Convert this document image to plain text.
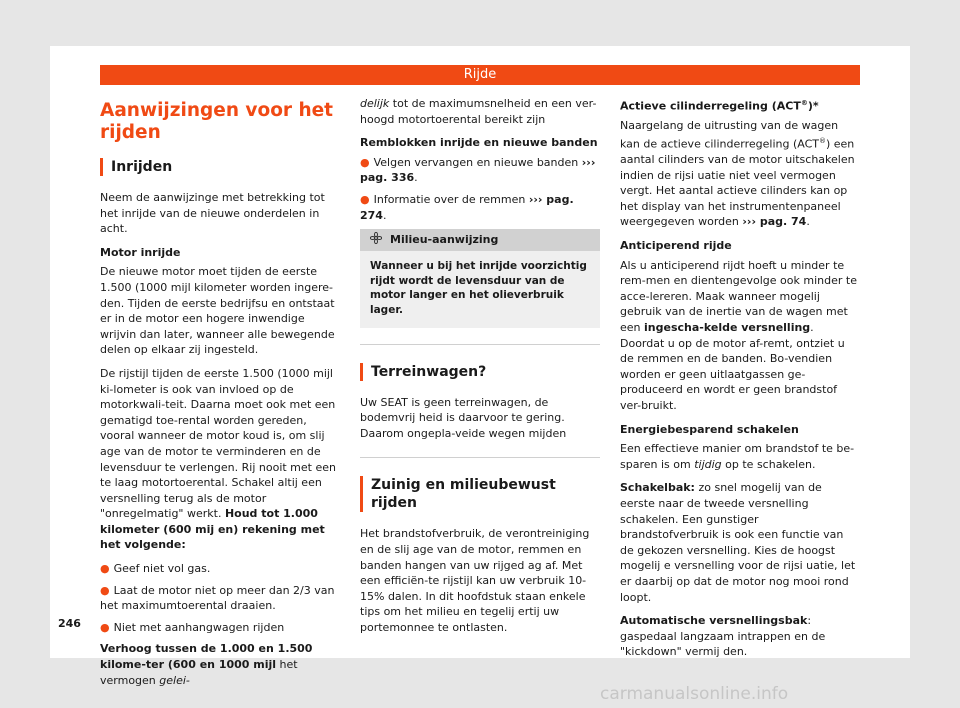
Rijde
Aanwijzingen voor het rijden
Inrijden

Neem de aanwijzinge met betrekking tot het inrijde van de nieuwe onderdelen in acht.

Motor inrijde

De nieuwe motor moet tijden de eerste 1.500 (1000 mijl kilometer worden ingere-den. Tijden de eerste bedrijfsu en ontstaat er in de motor een hogere inwendige wrijvin dan later, wanneer alle bewegende delen op elkaar zij ingesteld.

De rijstijl tijden de eerste 1.500 (1000 mijl ki-lometer is ook van invloed op de motorkwali-teit. Daarna moet ook met een gematigd toe-rental worden gereden, vooral wanneer de motor koud is, om slij age van de motor te verminderen en de levensduur te verlengen. Rij nooit met een te laag motortoerental. Schakel altij een versnelling terug als de motor "onregelmatig" werkt. Houd tot 1.000 kilometer (600 mij en) rekening met het volgende:

● Geef niet vol gas.

● Laat de motor niet op meer dan 2/3 van het maximumtoerental draaien.

● Niet met aanhangwagen rijden

Verhoog tussen de 1.000 en 1.500 kilome-ter (600 en 1000 mijl het vermogen gelei-

delijk tot de maximumsnelheid en een ver-hoogd motortoerental bereikt zijn

Remblokken inrijde en nieuwe banden

● Velgen vervangen en nieuwe banden ››› pag. 336.

● Informatie over de remmen ››› pag. 274.

Milieu-aanwijzing
Wanneer u bij het inrijde voorzichtig rijdt wordt de levensduur van de motor langer en het olieverbruik lager.
Terreinwagen?

Uw SEAT is geen terreinwagen, de bodemvrij heid is daarvoor te gering. Daarom ongepla-veide wegen mijden

Zuinig en milieubewust rijden

Het brandstofverbruik, de verontreiniging en de slij age van de motor, remmen en banden hangen van uw rijged ag af. Met een efficiën-te rijstijl kan uw verbruik 10-15% dalen. In dit hoofdstuk staan enkele tips om het milieu en tegelij ertij uw portemonnee te ontlasten.

Actieve cilinderregeling (ACT®)*

Naargelang de uitrusting van de wagen kan de actieve cilinderregeling (ACT®) een aantal cilinders van de motor uitschakelen indien de rijsi uatie niet veel vermogen vergt. Het aantal actieve cilinders kan op het display van het instrumentenpaneel weergegeven worden ››› pag. 74.

Anticiperend rijde

Als u anticiperend rijdt hoeft u minder te rem-men en dientengevolge ook minder te acce-lereren. Maak wanneer mogelij gebruik van de inertie van de wagen met een ingescha-kelde versnelling. Doordat u op de motor af-remt, ontziet u de remmen en de banden. Bo-vendien worden er geen uitlaatgassen ge-produceerd en wordt er geen brandstof ver-bruikt.

Energiebesparend schakelen

Een effectieve manier om brandstof te be-sparen is om tijdig op te schakelen.

Schakelbak: zo snel mogelij van de eerste naar de tweede versnelling schakelen. Een gunstiger brandstofverbruik is ook een functie van de gekozen versnelling. Kies de hoogst mogelij e versnelling voor de rijsi uatie, let er daarbij op dat de motor nog mooi rond loopt.

Automatische versnellingsbak: gaspedaal langzaam intrappen en de "kickdown" vermij den.

246
carmanualsonline.info
